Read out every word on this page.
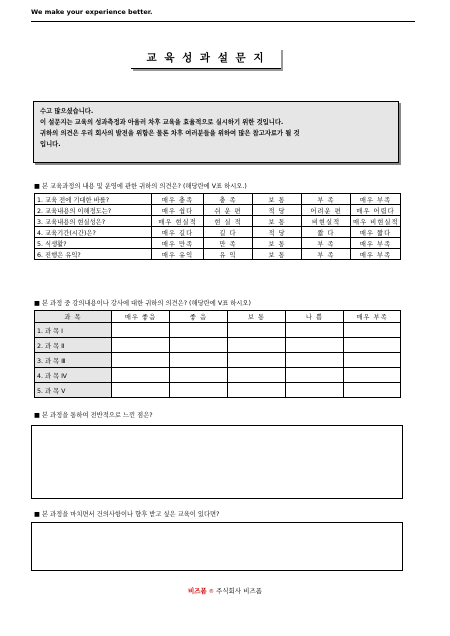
We make your experience better.
교 육 성 과 설 문 지
수고 많으셨습니다.
이 설문지는 교육의 성과측정과 아울러 차후 교육을 효율적으로 실시하기 위한 것입니다.
귀하의 의견은 우리 회사의 발전을 위함은 물론 차후 여러분들을 위하여 많은 참고자료가 될 것
입니다.
■ 본 교육과정의 내용 및 운영에 관한 귀하의 의견은? (해당란에 V표 하시오.)
1. 교육 전에 기대한 바를?	매우 충족	충 족	보 통	부 족	매우 부족
2. 교육내용의 이해정도는?	매우 쉽다	쉬 운 편	적 당	어려운 편	매우 어렵다
3. 교육내용의 현실성은?	매우 현실적	현 실 적	보 통	비현실적	매우 비현실적
4. 교육기간(시간)은?	매우 길다	길 다	적 당	짧 다	매우 짧다
5. 식생활?	매우 만족	만 족	보 통	부 족	매우 부족
6. 진행은 유익?	매우 유익	유 익	보 통	부 족	매우 부족
■ 본 과정 중 강의내용이나 강사에 대한 귀하의 의견은? (해당란에 V표 하시오)
과 목	매우 좋음	좋 음	보 통	나 쁨	매우 부족
1. 과 목 Ⅰ					
2. 과 목 Ⅱ					
3. 과 목 Ⅲ					
4. 과 목 Ⅳ					
5. 과 목 Ⅴ					
■ 본 과정을 통하여 전반적으로 느낀 점은?
■ 본 과정을 마치면서 건의사항이나 향후 받고 싶은 교육이 있다면?
비즈폼 ® 주식회사 비즈폼
